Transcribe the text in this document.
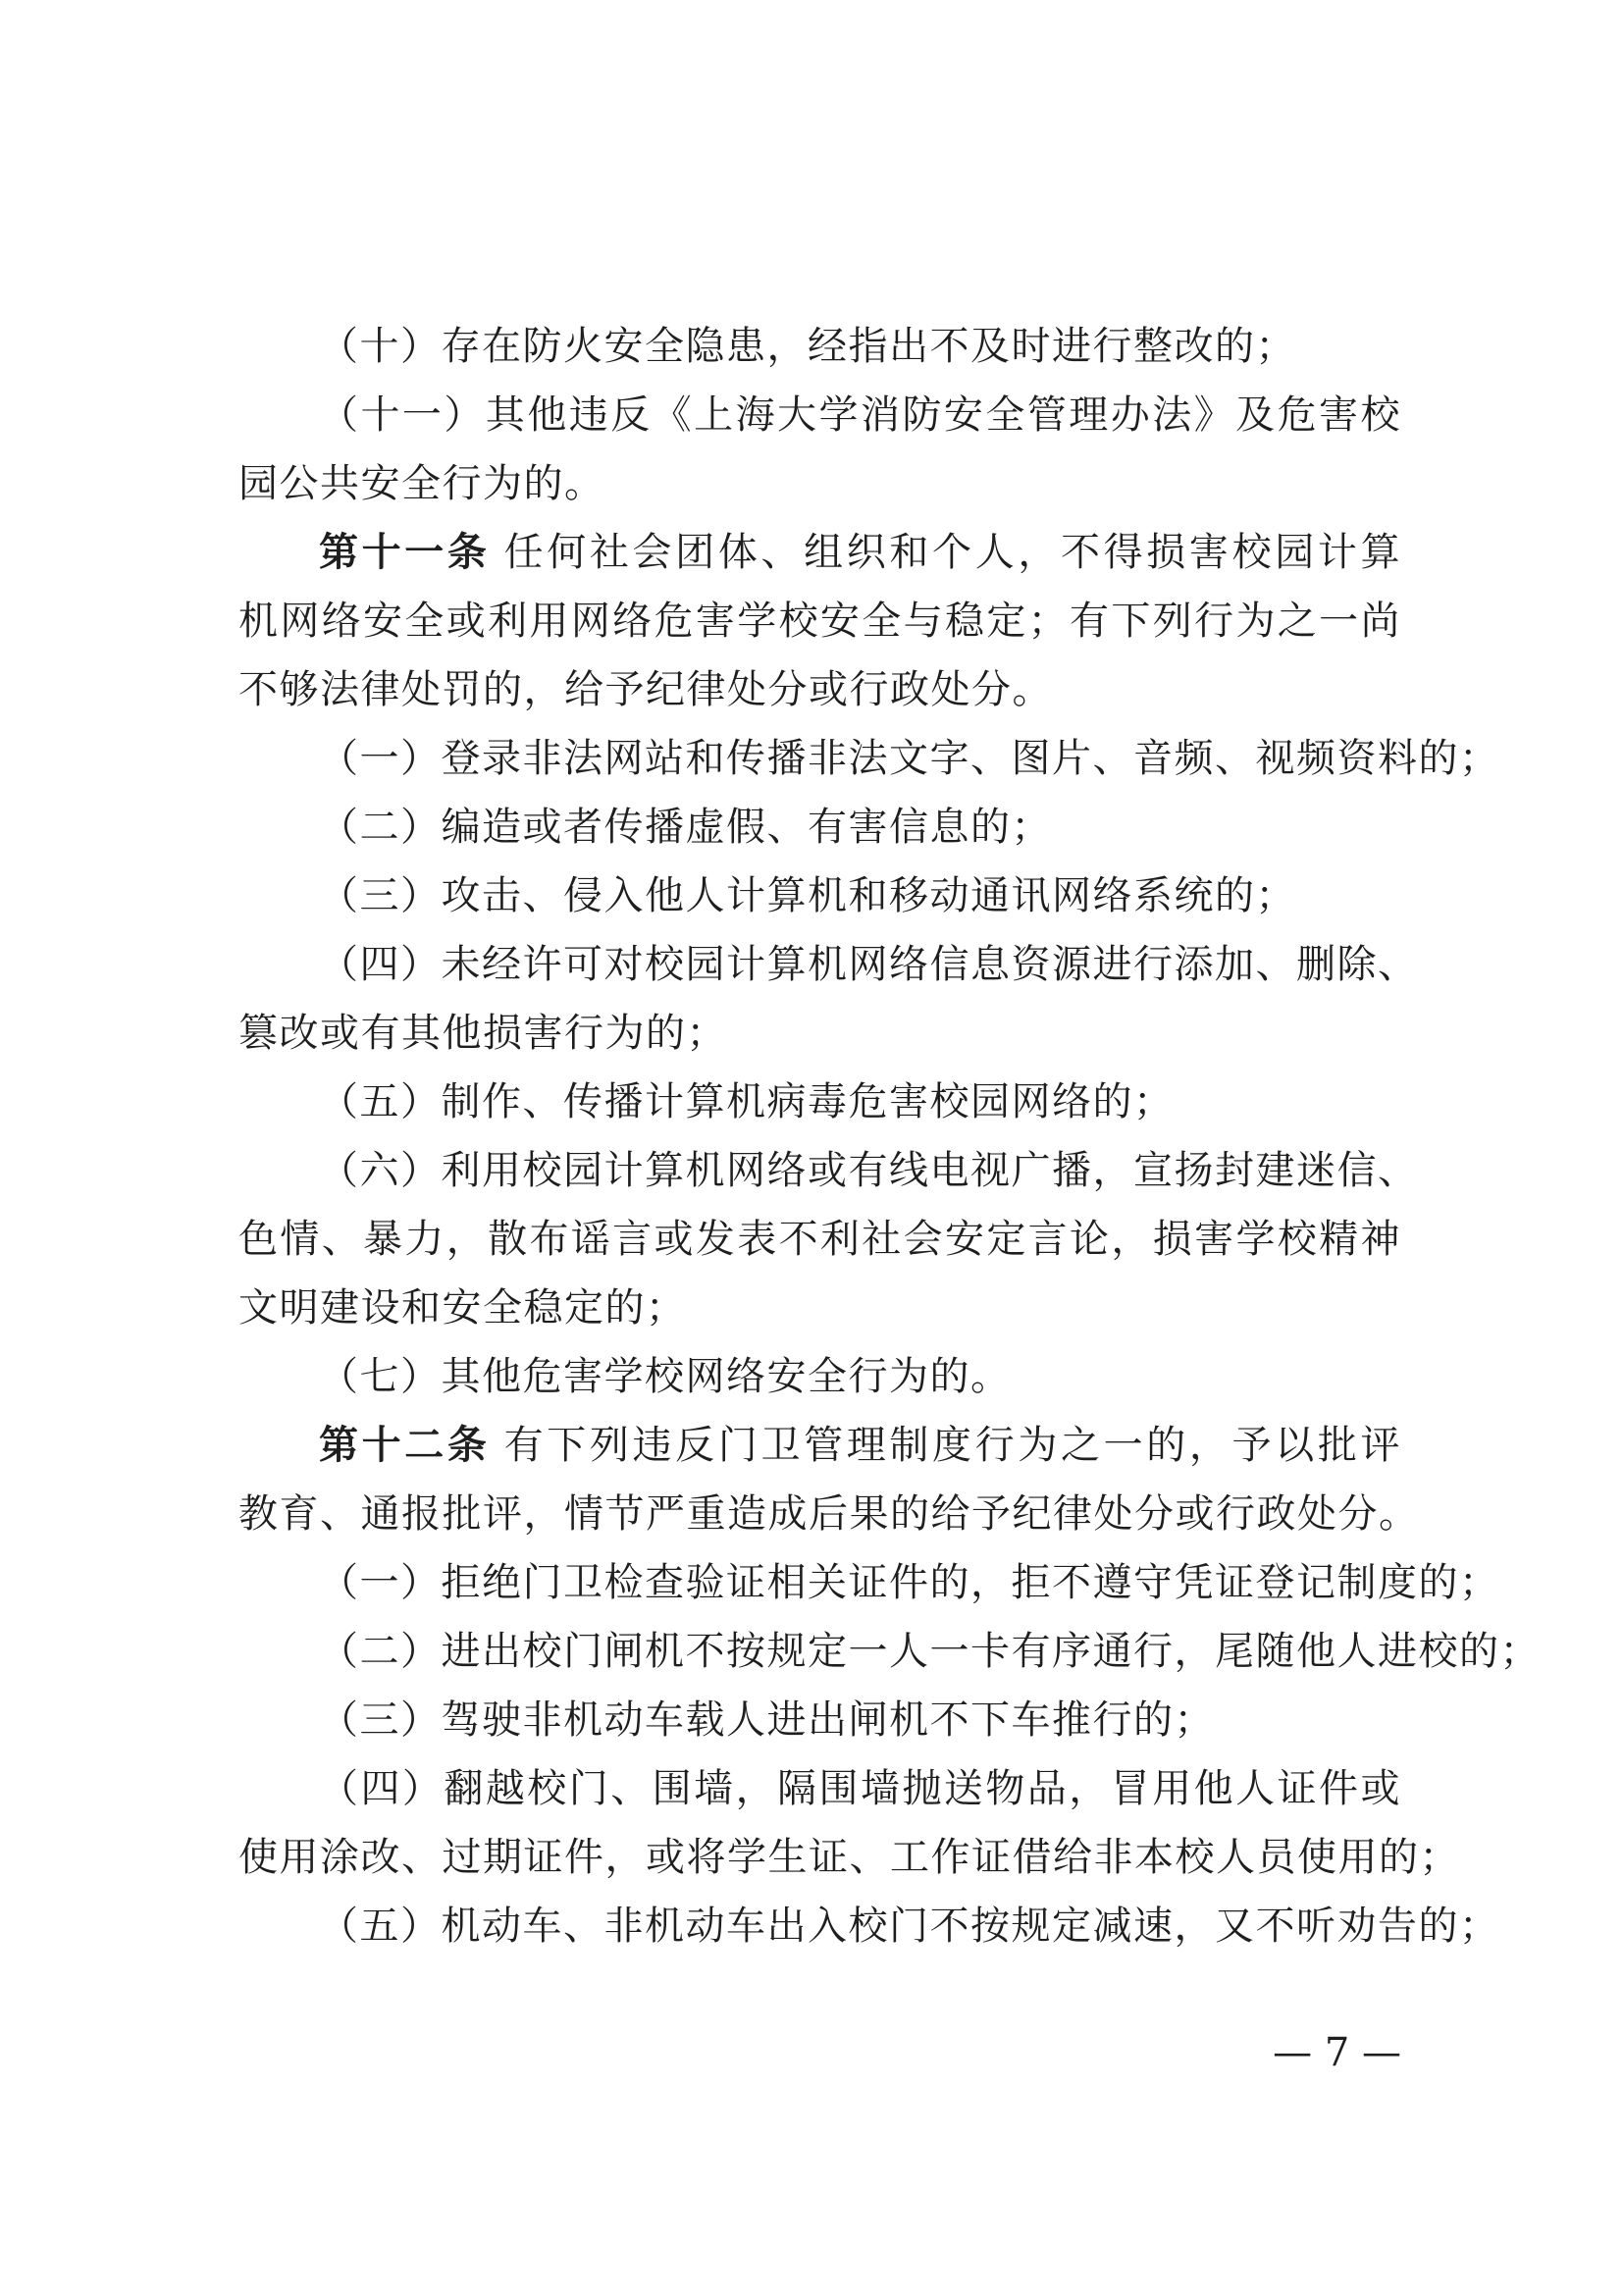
（十）存在防火安全隐患，经指出不及时进行整改的；
（十一）其他违反《上海大学消防安全管理办法》及危害校
园公共安全行为的。
第十一条 任何社会团体、组织和个人，不得损害校园计算
机网络安全或利用网络危害学校安全与稳定；有下列行为之一尚
不够法律处罚的，给予纪律处分或行政处分。
（一）登录非法网站和传播非法文字、图片、音频、视频资料的；
（二）编造或者传播虚假、有害信息的；
（三）攻击、侵入他人计算机和移动通讯网络系统的；
（四）未经许可对校园计算机网络信息资源进行添加、删除、
篡改或有其他损害行为的；
（五）制作、传播计算机病毒危害校园网络的；
（六）利用校园计算机网络或有线电视广播，宣扬封建迷信、
色情、暴力，散布谣言或发表不利社会安定言论，损害学校精神
文明建设和安全稳定的；
（七）其他危害学校网络安全行为的。
第十二条 有下列违反门卫管理制度行为之一的，予以批评
教育、通报批评，情节严重造成后果的给予纪律处分或行政处分。
（一）拒绝门卫检查验证相关证件的，拒不遵守凭证登记制度的；
（二）进出校门闸机不按规定一人一卡有序通行，尾随他人进校的；
（三）驾驶非机动车载人进出闸机不下车推行的；
（四）翻越校门、围墙，隔围墙抛送物品，冒用他人证件或
使用涂改、过期证件，或将学生证、工作证借给非本校人员使用的；
（五）机动车、非机动车出入校门不按规定减速，又不听劝告的；
— 7 —
